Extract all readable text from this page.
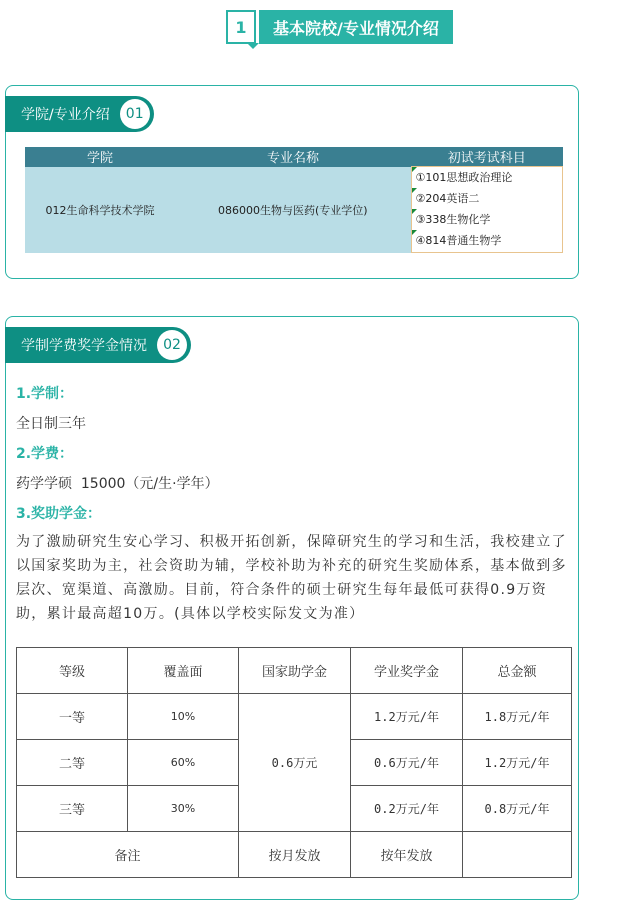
1	基本院校/专业情况介绍
学院/专业介绍	01
学院	专业名称	初试考试科目
012生命科学技术学院	086000生物与医药(专业学位)	①101思想政治理论
②204英语二
③338生物化学
④814普通生物学
学制学费奖学金情况	02
1.学制：
全日制三年
2.学费：
药学学硕  15000（元/生·学年）
3.奖助学金：
为了激励研究生安心学习、积极开拓创新，保障研究生的学习和生活，我校建立了以国家奖助为主，社会资助为辅，学校补助为补充的研究生奖励体系，基本做到多层次、宽渠道、高激励。目前，符合条件的硕士研究生每年最低可获得0.9万资助，累计最高超10万。(具体以学校实际发文为准）
等级	覆盖面	国家助学金	学业奖学金	总金额
一等	10%	0.6万元	1.2万元/年	1.8万元/年
二等	60%		0.6万元/年	1.2万元/年
三等	30%		0.2万元/年	0.8万元/年
备注		按月发放	按年发放	
